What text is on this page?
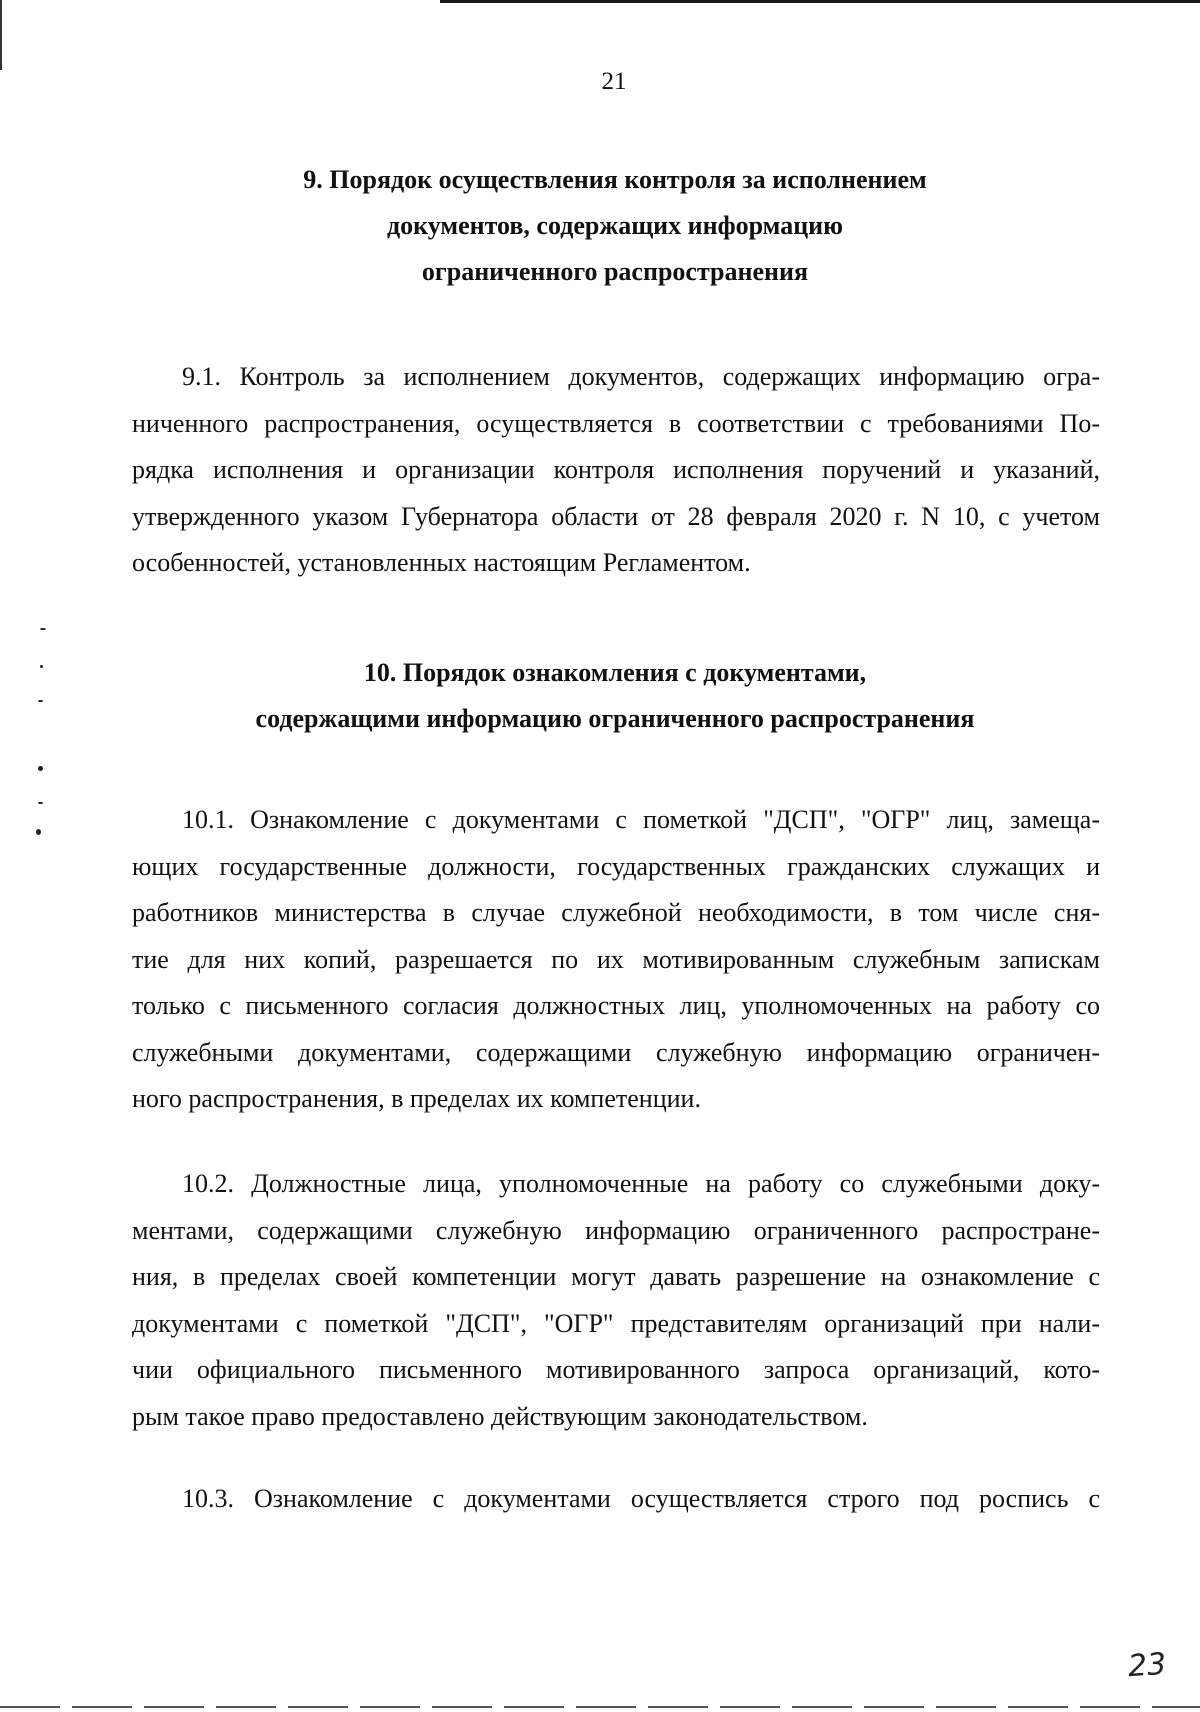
21
9. Порядок осуществления контроля за исполнением
документов, содержащих информацию
ограниченного распространения
9.1. Контроль за исполнением документов, содержащих информацию огра-
ниченного распространения, осуществляется в соответствии с требованиями По-
рядка исполнения и организации контроля исполнения поручений и указаний,
утвержденного указом Губернатора области от 28 февраля 2020 г. N 10, с учетом
особенностей, установленных настоящим Регламентом.
10. Порядок ознакомления с документами,
содержащими информацию ограниченного распространения
10.1. Ознакомление с документами с пометкой "ДСП", "ОГР" лиц, замеща-
ющих государственные должности, государственных гражданских служащих и
работников министерства в случае служебной необходимости, в том числе сня-
тие для них копий, разрешается по их мотивированным служебным запискам
только с письменного согласия должностных лиц, уполномоченных на работу со
служебными документами, содержащими служебную информацию ограничен-
ного распространения, в пределах их компетенции.
10.2. Должностные лица, уполномоченные на работу со служебными доку-
ментами, содержащими служебную информацию ограниченного распростране-
ния, в пределах своей компетенции могут давать разрешение на ознакомление с
документами с пометкой "ДСП", "ОГР" представителям организаций при нали-
чии официального письменного мотивированного запроса организаций, кото-
рым такое право предоставлено действующим законодательством.
10.3. Ознакомление с документами осуществляется строго под роспись с
23
